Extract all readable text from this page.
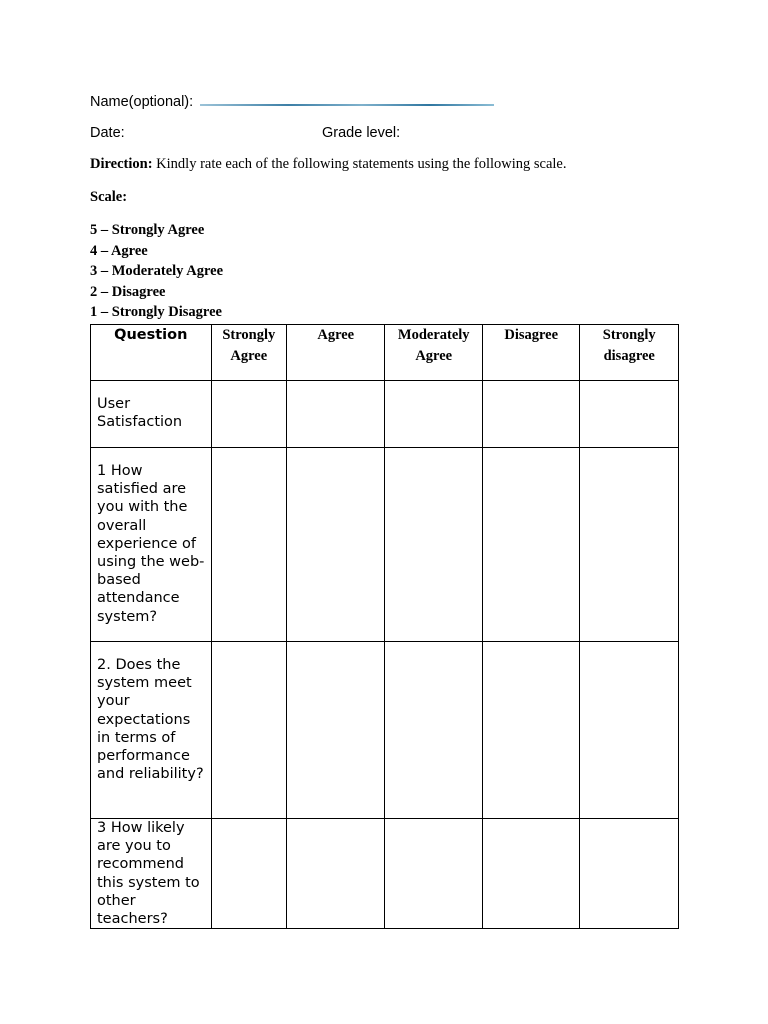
Name(optional):
Date:	Grade level:
Direction: Kindly rate each of the following statements using the following scale.
Scale:
5 – Strongly Agree
4 – Agree
3 – Moderately Agree
2 – Disagree
1 – Strongly Disagree
Question	Strongly Agree	Agree	Moderately Agree	Disagree	Strongly disagree
User Satisfaction					
1 How satisfied are you with the overall experience of using the web-based attendance system?					
2. Does the system meet your expectations in terms of performance and reliability?					
3 How likely are you to recommend this system to other teachers?					
